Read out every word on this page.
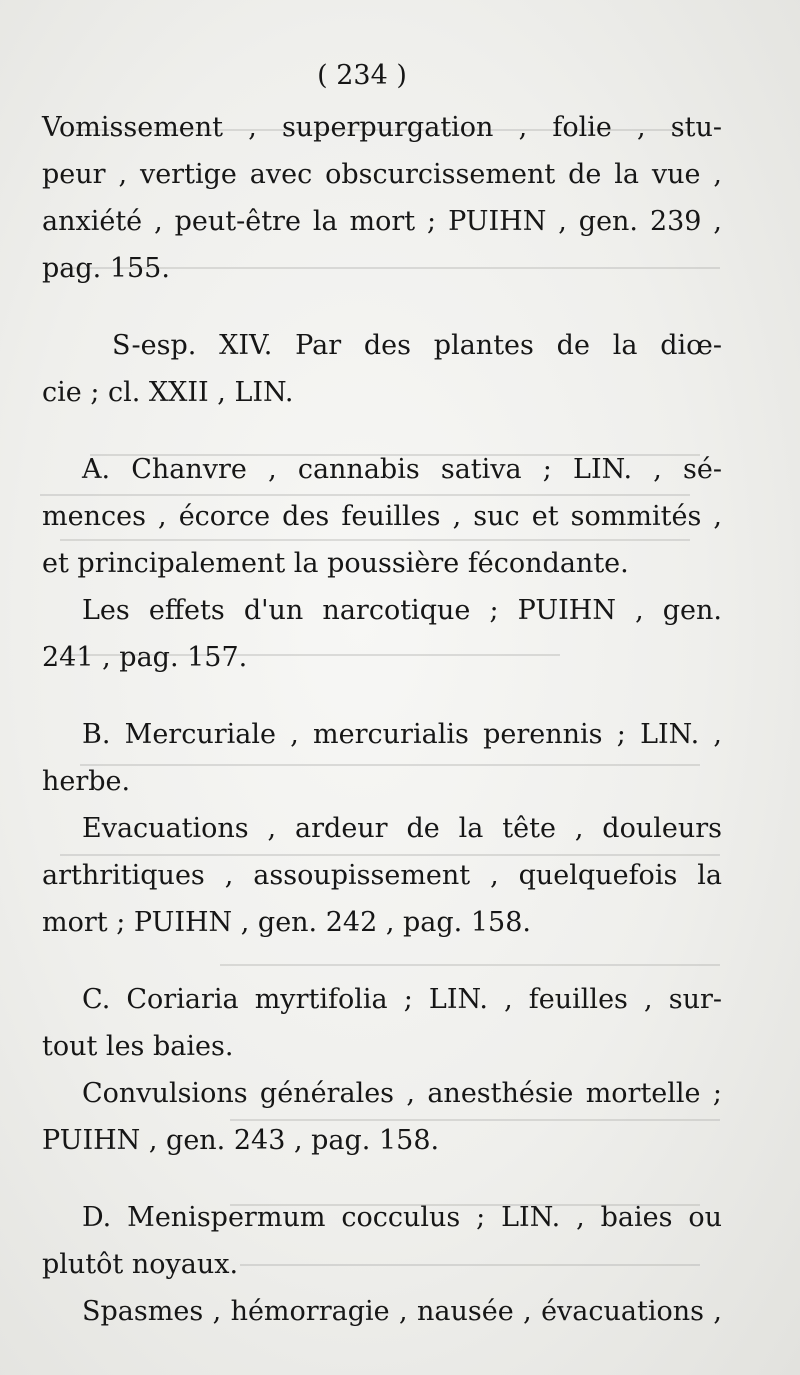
( 234 )
Vomissement , superpurgation , folie , stu-
peur , vertige avec obscurcissement de la vue ,
anxiété , peut-être la mort ; PUIHN , gen. 239 ,
pag. 155.
S-esp. XIV. Par des plantes de la diœ-
cie ; cl. XXII , LIN.
A. Chanvre , cannabis sativa ; LIN. , sé-
mences , écorce des feuilles , suc et sommités ,
et principalement la poussière fécondante.
Les effets d'un narcotique ; PUIHN , gen.
241 , pag. 157.
B. Mercuriale , mercurialis perennis ; LIN. ,
herbe.
Evacuations , ardeur de la tête , douleurs
arthritiques , assoupissement , quelquefois la
mort ; PUIHN , gen. 242 , pag. 158.
C. Coriaria myrtifolia ; LIN. , feuilles , sur-
tout les baies.
Convulsions générales , anesthésie mortelle ;
PUIHN , gen. 243 , pag. 158.
D. Menispermum cocculus ; LIN. , baies ou
plutôt noyaux.
Spasmes , hémorragie , nausée , évacuations ,
